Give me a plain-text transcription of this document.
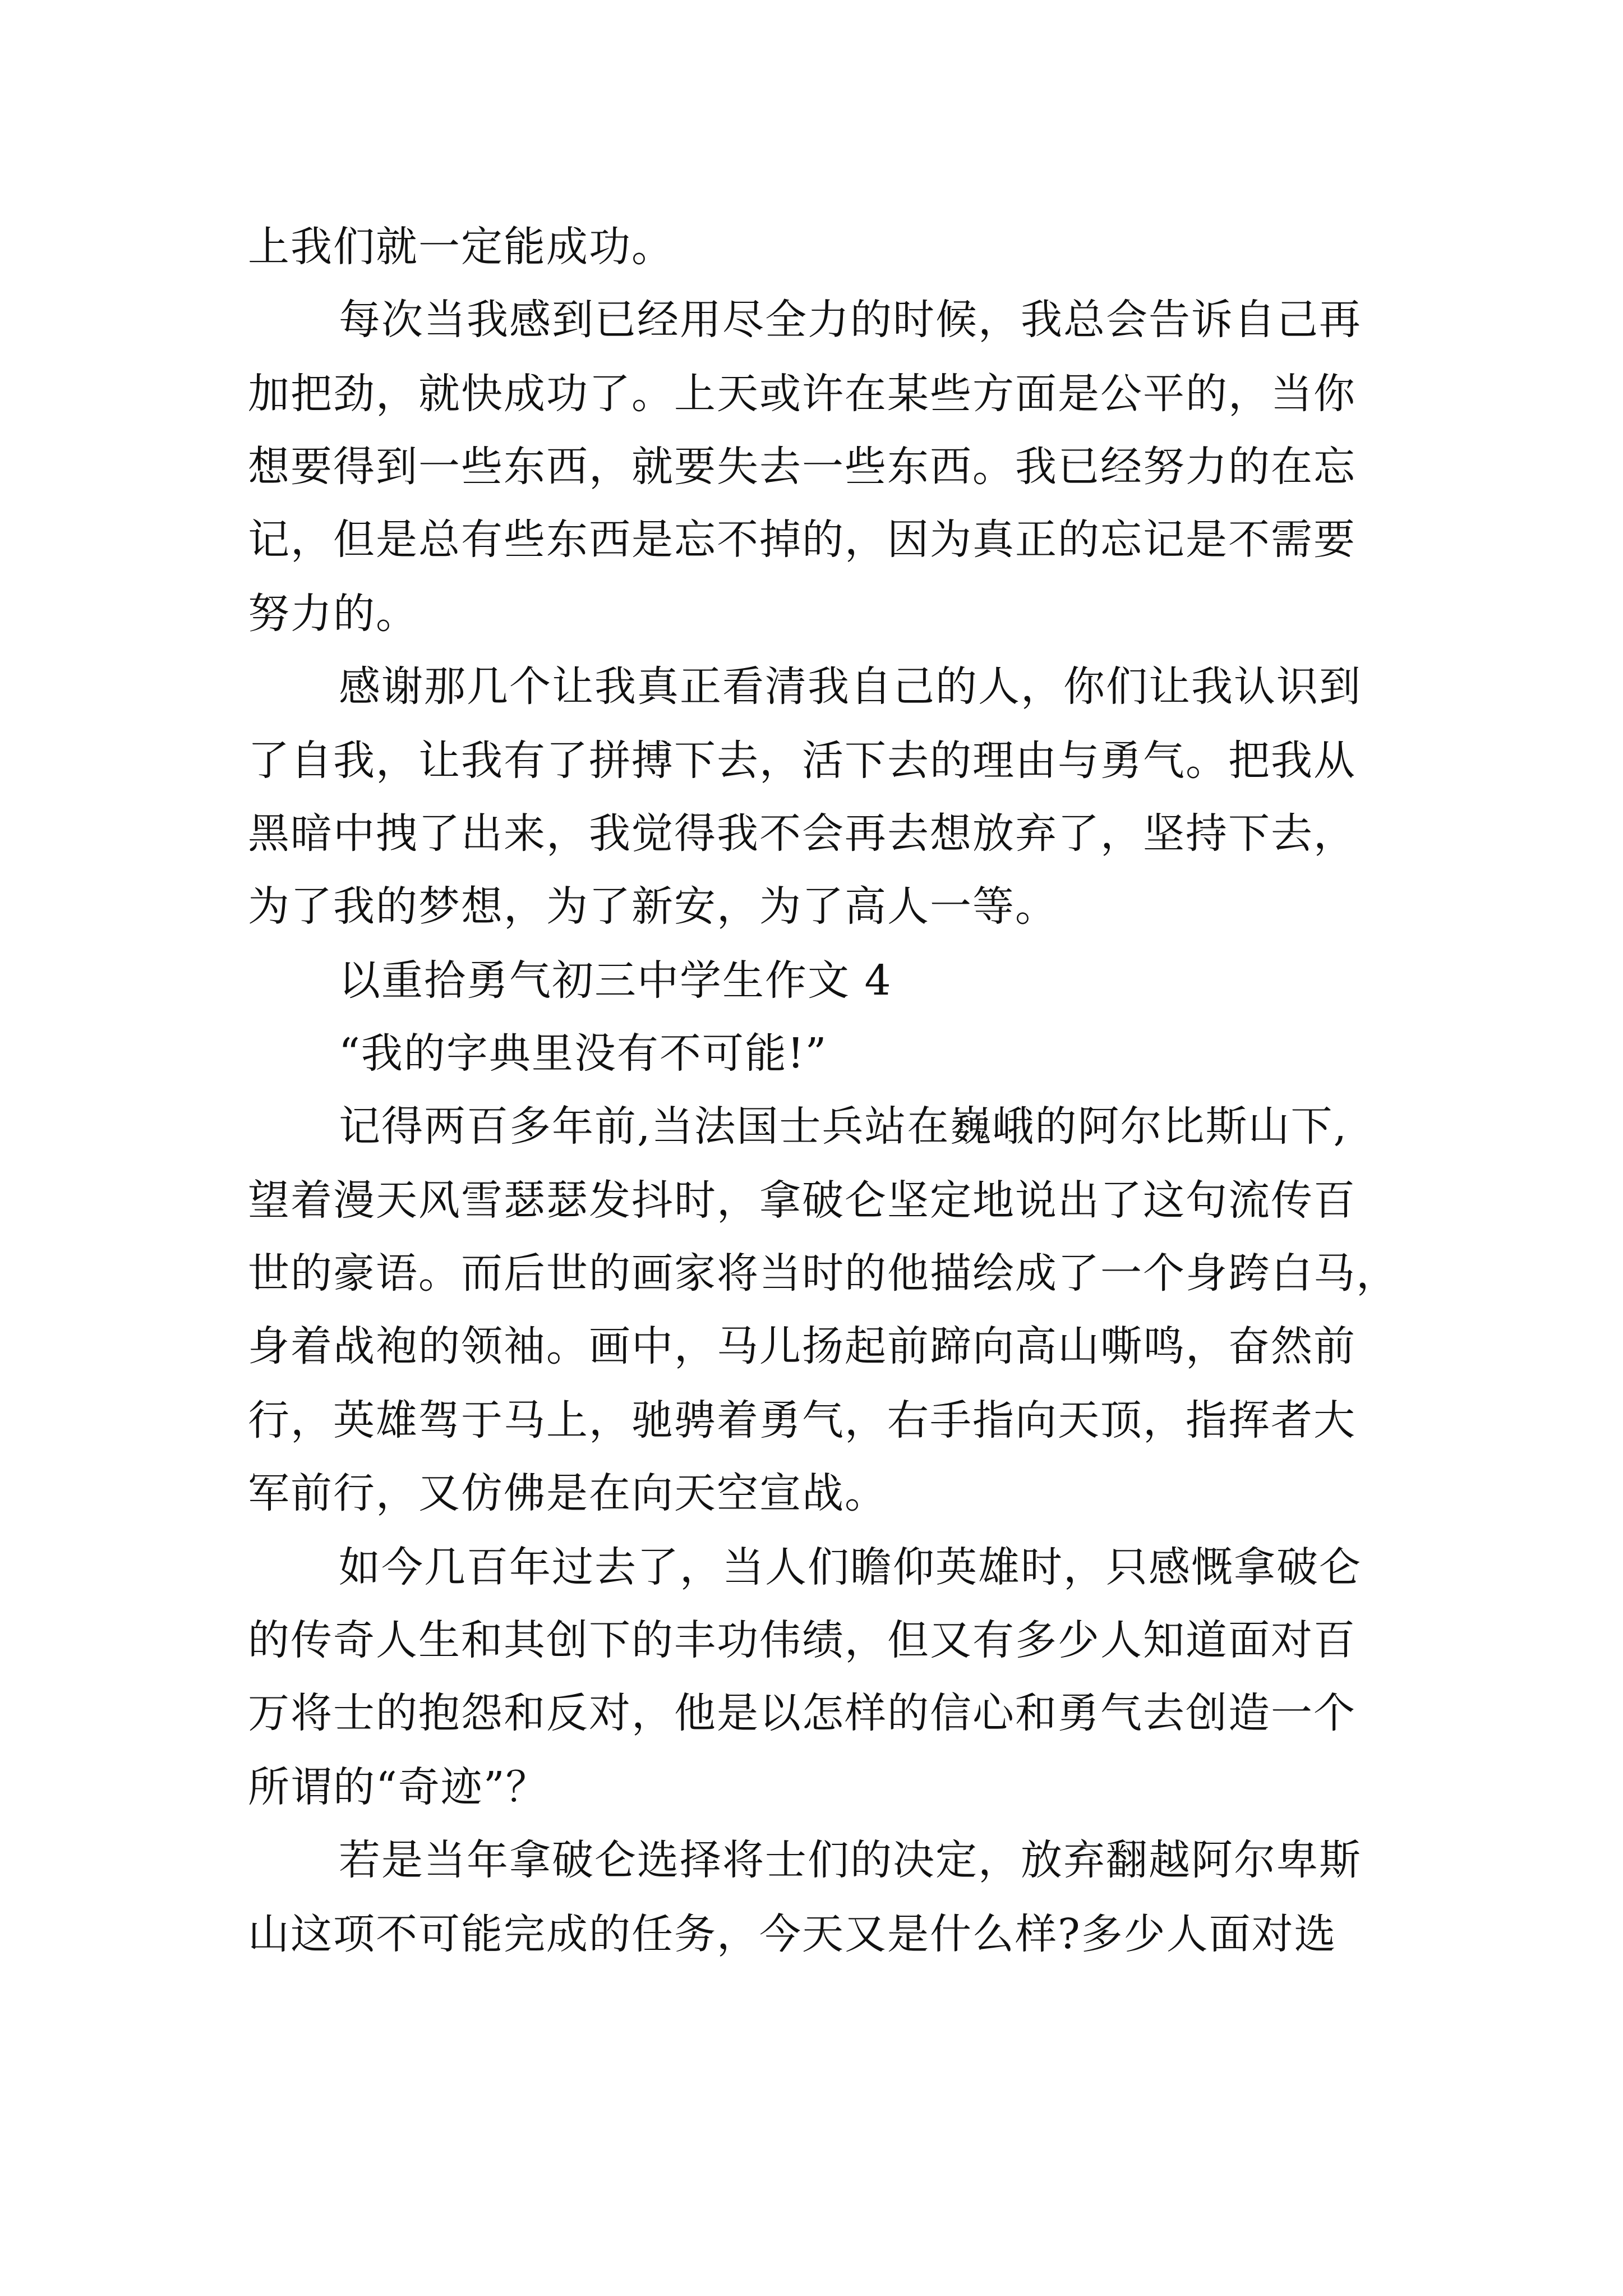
上我们就一定能成功。
每次当我感到已经用尽全力的时候，我总会告诉自己再
加把劲，就快成功了。上天或许在某些方面是公平的，当你
想要得到一些东西，就要失去一些东西。我已经努力的在忘
记，但是总有些东西是忘不掉的，因为真正的忘记是不需要
努力的。
感谢那几个让我真正看清我自己的人，你们让我认识到
了自我，让我有了拼搏下去，活下去的理由与勇气。把我从
黑暗中拽了出来，我觉得我不会再去想放弃了，坚持下去，
为了我的梦想，为了新安，为了高人一等。
以重拾勇气初三中学生作文 4
“我的字典里没有不可能!”
记得两百多年前,当法国士兵站在巍峨的阿尔比斯山下,
望着漫天风雪瑟瑟发抖时，拿破仑坚定地说出了这句流传百
世的豪语。而后世的画家将当时的他描绘成了一个身跨白马，
身着战袍的领袖。画中，马儿扬起前蹄向高山嘶鸣，奋然前
行，英雄驾于马上，驰骋着勇气，右手指向天顶，指挥者大
军前行，又仿佛是在向天空宣战。
如今几百年过去了，当人们瞻仰英雄时，只感慨拿破仑
的传奇人生和其创下的丰功伟绩，但又有多少人知道面对百
万将士的抱怨和反对，他是以怎样的信心和勇气去创造一个
所谓的“奇迹”？
若是当年拿破仑选择将士们的决定，放弃翻越阿尔卑斯
山这项不可能完成的任务，今天又是什么样?多少人面对选
